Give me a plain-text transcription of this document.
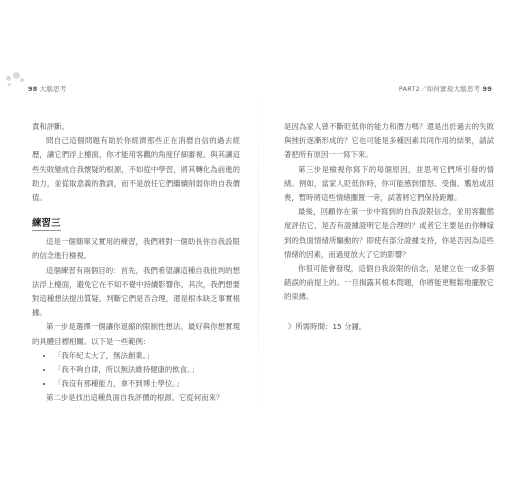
98 大腦思考	PART2／如何實現大腦思考 99

責和評斷。

問自己這個問題有助於你經濟那些正在消磨自信的過去經歷，讓它們浮上檯面，你才能用客觀的角度仔細審視。與其讓這些失敗變成自我懷疑的根源，不如從中學習，將其轉化為前進的助力，並從取意義的教訓，而不是放任它們繼續削弱你的自我價值。

練習三

這是一個簡單又實用的練習，我們將對一個助長你自我設限的信念進行檢視。

這個練習有兩個目的：首先，我們希望讓這種自我批判的想法浮上檯面，避免它在不知不覺中持續影響你。其次，我們想要對這種想法提出質疑，判斷它們是否合理，還是根本缺乏事實根據。

第一步是選擇一個讓你退縮的限制性想法。最好與你想實現的具體目標相關。以下是一些範例：

• 「我年紀太大了，無法創業。」
• 「我不夠自律，所以無法維持健康的飲食。」
• 「我沒有那種能力，拿不到博士學位。」

第二步是找出這種負面自我評價的根源。它從何而來？

是因為家人曾不斷貶低你的能力和潛力嗎？還是出於過去的失敗與挫折逐漸形成的？它也可能是多種因素共同作用的結果，請試著把所有原因一一寫下來。

第三步是檢視你寫下的每個原因，並思考它們所引發的情緒。例如，當家人貶低你時，你可能感到憤怒、受傷、尷尬或沮喪，暫時將這些情緒擱置一旁，試著將它們保持距離。

最後，回顧你在第一步中寫到的自我設限信念，並用客觀態度評估它，是否有證據證明它是合理的？或者它主要是由你轉嫁到的負面情緒所驅動的？即使有部分證據支持，你是否因為這些情緒的因素，而過度放大了它的影響？

你很可能會發現，這個自我設限的信念，是建立在一或多個錯誤的前提上的。一旦揭露其根本問題，你將能更輕鬆地擺脫它的束縛。

》所需時間：15 分鐘。
